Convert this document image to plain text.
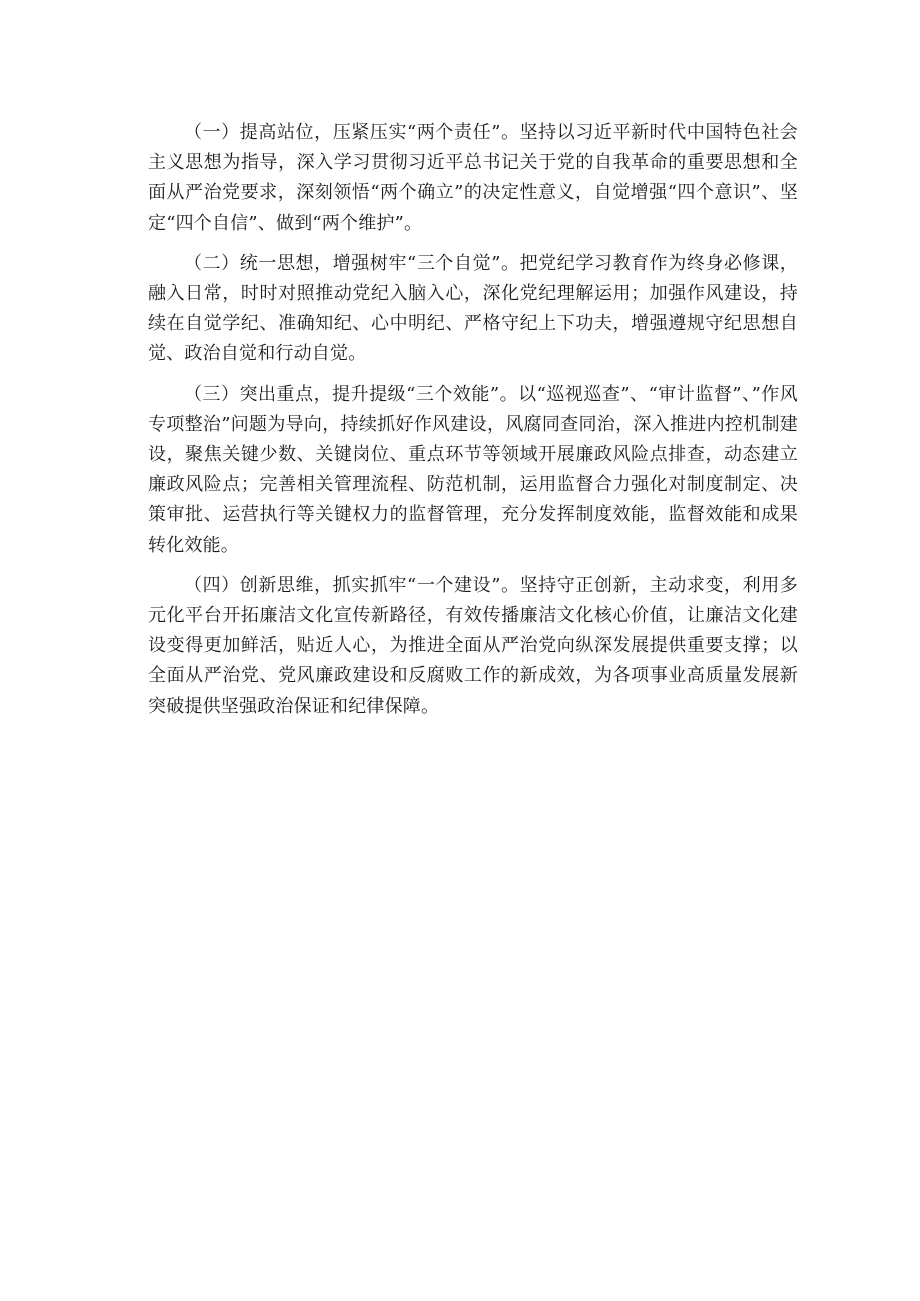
（一）提高站位，压紧压实“两个责任”。坚持以习近平新时代中国特色社会主义思想为指导，深入学习贯彻习近平总书记关于党的自我革命的重要思想和全面从严治党要求，深刻领悟“两个确立”的决定性意义，自觉增强“四个意识”、坚定“四个自信”、做到“两个维护”。

（二）统一思想，增强树牢“三个自觉”。把党纪学习教育作为终身必修课，融入日常，时时对照推动党纪入脑入心，深化党纪理解运用；加强作风建设，持续在自觉学纪、准确知纪、心中明纪、严格守纪上下功夫，增强遵规守纪思想自觉、政治自觉和行动自觉。

（三）突出重点，提升提级“三个效能”。以“巡视巡查”、“审计监督”、”作风专项整治”问题为导向，持续抓好作风建设，风腐同查同治，深入推进内控机制建设，聚焦关键少数、关键岗位、重点环节等领域开展廉政风险点排查，动态建立廉政风险点；完善相关管理流程、防范机制，运用监督合力强化对制度制定、决策审批、运营执行等关键权力的监督管理，充分发挥制度效能，监督效能和成果转化效能。

（四）创新思维，抓实抓牢“一个建设”。坚持守正创新，主动求变，利用多元化平台开拓廉洁文化宣传新路径，有效传播廉洁文化核心价值，让廉洁文化建设变得更加鲜活，贴近人心，为推进全面从严治党向纵深发展提供重要支撑；以全面从严治党、党风廉政建设和反腐败工作的新成效，为各项事业高质量发展新突破提供坚强政治保证和纪律保障。
